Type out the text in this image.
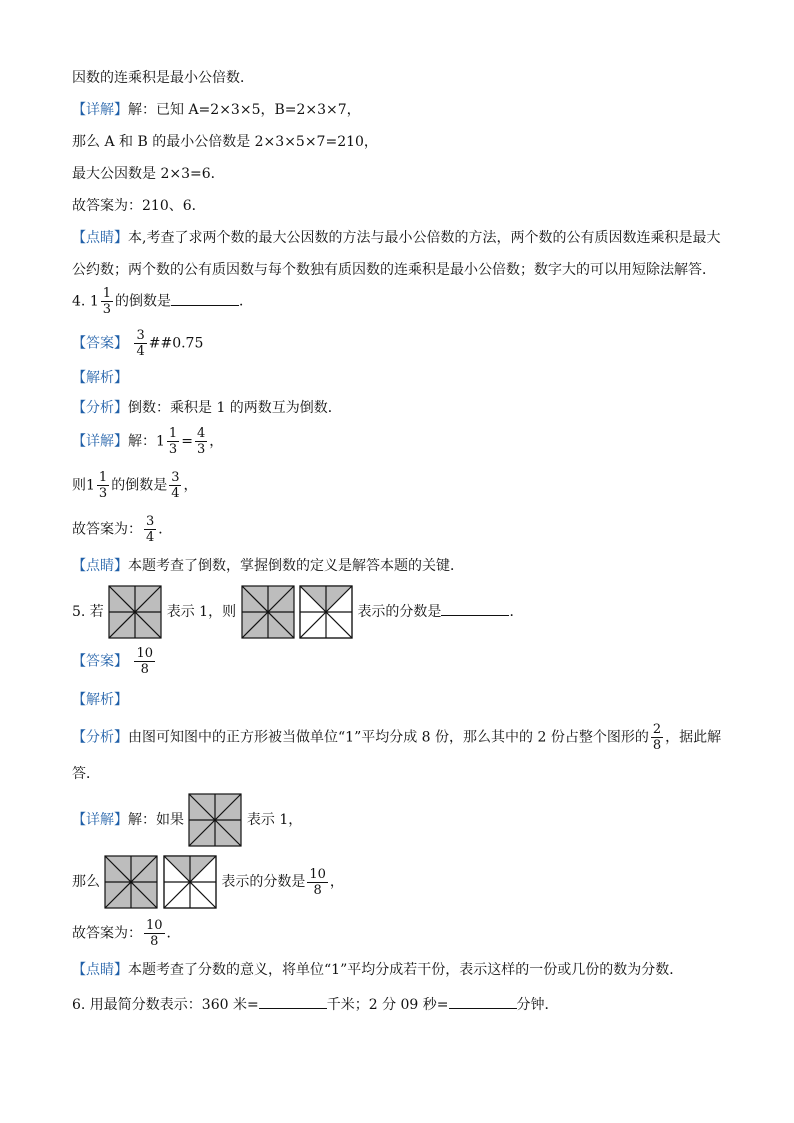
因数的连乘积是最小公倍数．
【详解】解：已知 A=2×3×5，B=2×3×7，
那么 A 和 B 的最小公倍数是 2×3×5×7=210，
最大公因数是 2×3=6．
故答案为：210、6．
【点睛】本,考查了求两个数的最大公因数的方法与最小公倍数的方法，两个数的公有质因数连乘积是最大
公约数；两个数的公有质因数与每个数独有质因数的连乘积是最小公倍数；数字大的可以用短除法解答．
4. $1 \frac{1}{3}$ 的倒数是	．
【答案】 $\frac{3}{4}$ ##0.75
【解析】
【分析】倒数：乘积是 1 的两数互为倒数．
【详解】解：$1 \frac{1}{3} = \frac{4}{3}$ ，
则$1 \frac{1}{3}$ 的倒数是 $\frac{3}{4}$ ，
故答案为： $\frac{3}{4}$ ．
【点睛】本题考查了倒数，掌握倒数的定义是解答本题的关键．
5. 若	表示 1，则
	表示的分数是	．
【答案】 $\frac{10}{8}$
【解析】
【分析】由图可知图中的正方形被当做单位“1”平均分成 8 份，那么其中的 2 份占整个图形的 $\frac{2}{8}$ ，据此解
答．
【详解】解：如果	表示 1，
那么
	表示的分数是 $\frac{10}{8}$ ，
故答案为： $\frac{10}{8}$ ．
【点睛】本题考查了分数的意义，将单位“1”平均分成若干份，表示这样的一份或几份的数为分数．
6. 用最简分数表示：360 米=	千米；2 分 09 秒=	分钟．
